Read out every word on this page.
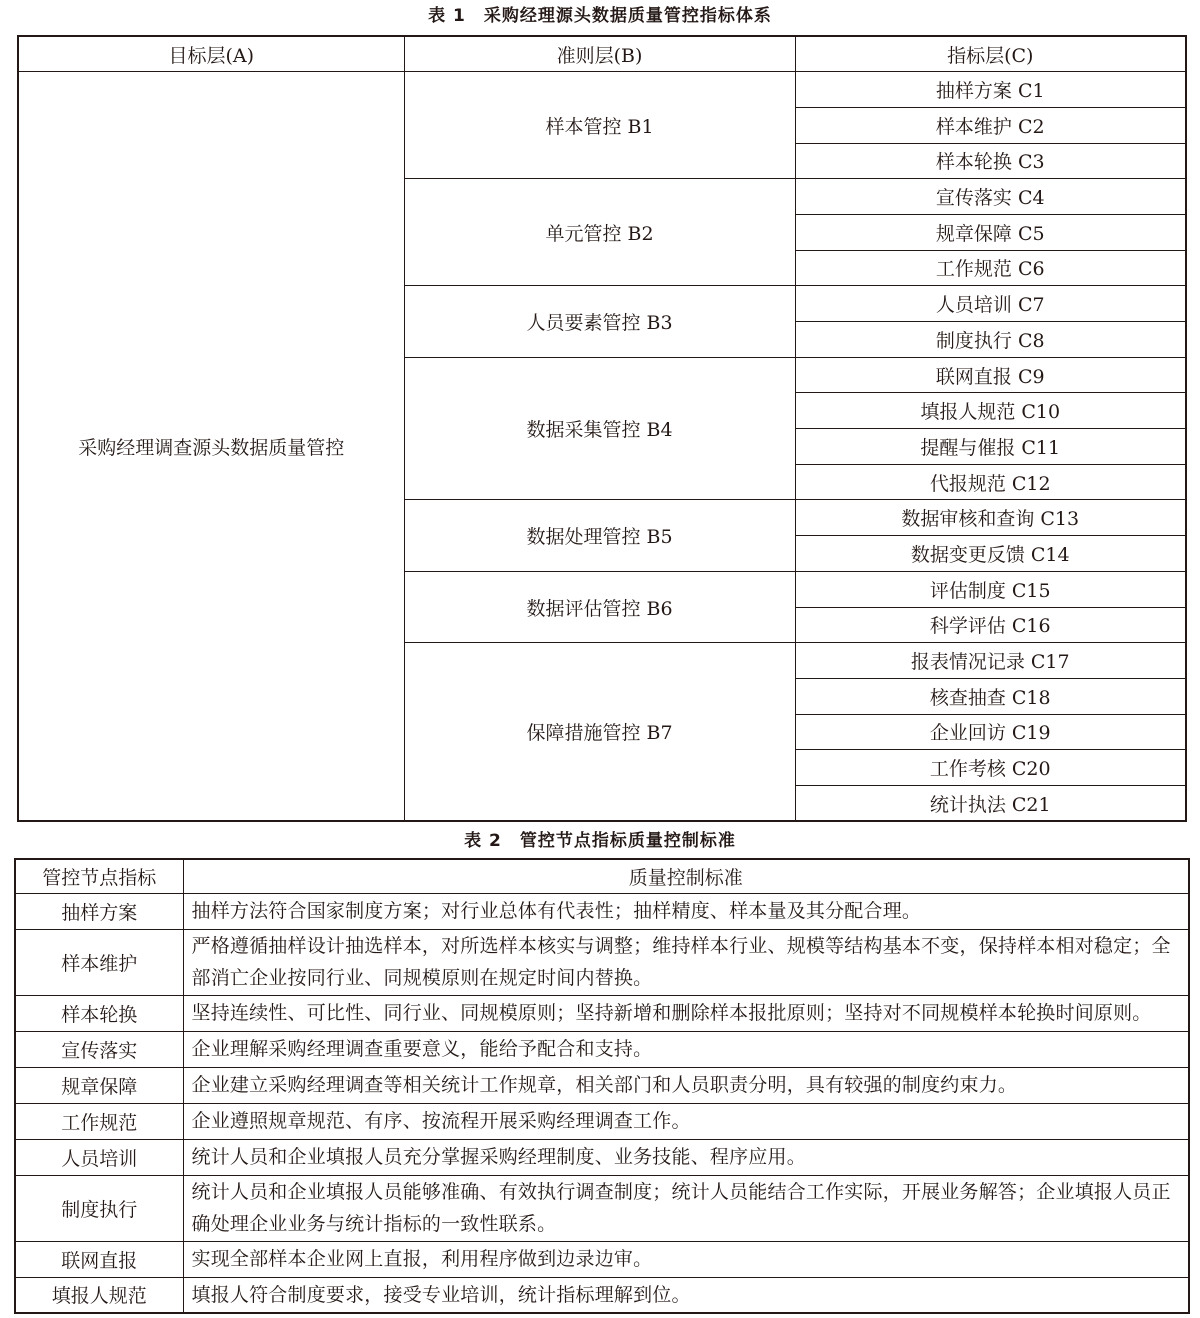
表 1　采购经理源头数据质量管控指标体系
目标层(A)	准则层(B)	指标层(C)
采购经理调查源头数据质量管控	样本管控 B1	抽样方案 C1
		样本维护 C2
		样本轮换 C3
	单元管控 B2	宣传落实 C4
		规章保障 C5
		工作规范 C6
	人员要素管控 B3	人员培训 C7
		制度执行 C8
	数据采集管控 B4	联网直报 C9
		填报人规范 C10
		提醒与催报 C11
		代报规范 C12
	数据处理管控 B5	数据审核和查询 C13
		数据变更反馈 C14
	数据评估管控 B6	评估制度 C15
		科学评估 C16
	保障措施管控 B7	报表情况记录 C17
		核查抽查 C18
		企业回访 C19
		工作考核 C20
		统计执法 C21
表 2　管控节点指标质量控制标准
管控节点指标	质量控制标准
抽样方案	抽样方法符合国家制度方案；对行业总体有代表性；抽样精度、样本量及其分配合理。
样本维护	严格遵循抽样设计抽选样本，对所选样本核实与调整；维持样本行业、规模等结构基本不变，保持样本相对稳定；全部消亡企业按同行业、同规模原则在规定时间内替换。
样本轮换	坚持连续性、可比性、同行业、同规模原则；坚持新增和删除样本报批原则；坚持对不同规模样本轮换时间原则。
宣传落实	企业理解采购经理调查重要意义，能给予配合和支持。
规章保障	企业建立采购经理调查等相关统计工作规章，相关部门和人员职责分明，具有较强的制度约束力。
工作规范	企业遵照规章规范、有序、按流程开展采购经理调查工作。
人员培训	统计人员和企业填报人员充分掌握采购经理制度、业务技能、程序应用。
制度执行	统计人员和企业填报人员能够准确、有效执行调查制度；统计人员能结合工作实际，开展业务解答；企业填报人员正确处理企业业务与统计指标的一致性联系。
联网直报	实现全部样本企业网上直报，利用程序做到边录边审。
填报人规范	填报人符合制度要求，接受专业培训，统计指标理解到位。
